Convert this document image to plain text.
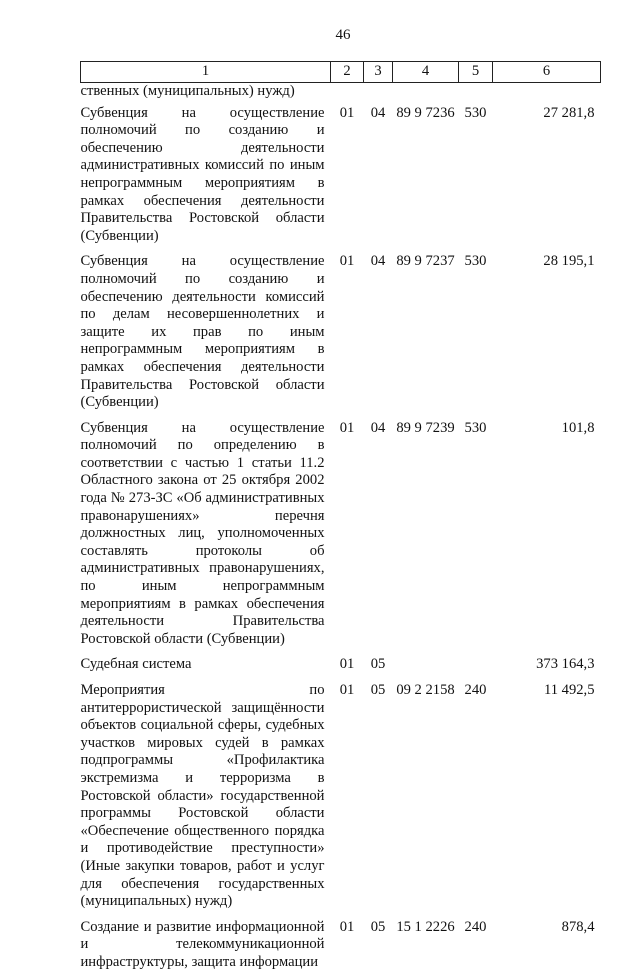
46
1	2	3	4	5	6
ственных (муниципальных) нужд)					
Субвенция на осуществление полномочий по созданию и обеспечению деятельности административных комиссий по иным непрограммным мероприятиям в рамках обеспечения деятельности Правительства Ростовской области (Субвенции)	01	04	89 9 7236	530	27 281,8
Субвенция на осуществление полномочий по созданию и обеспечению деятельности комиссий по делам несовершеннолетних и защите их прав по иным непрограммным мероприятиям в рамках обеспечения деятельности Правительства Ростовской области (Субвенции)	01	04	89 9 7237	530	28 195,1
Субвенция на осуществление полномочий по определению в соответствии с частью 1 статьи 11.2 Областного закона от 25 октября 2002 года № 273-ЗС «Об административных правонарушениях» перечня должностных лиц, уполномоченных составлять протоколы об административных правонарушениях, по иным непрограммным мероприятиям в рамках обеспечения деятельности Правительства Ростовской области (Субвенции)	01	04	89 9 7239	530	101,8
Судебная система	01	05			373 164,3
Мероприятия по антитеррористической защищённости объектов социальной сферы, судебных участков мировых судей в рамках подпрограммы «Профилактика экстремизма и терроризма в Ростовской области» государственной программы Ростовской области «Обеспечение общественного порядка и противодействие преступности» (Иные закупки товаров, работ и услуг для обеспечения государственных (муниципальных) нужд)	01	05	09 2 2158	240	11 492,5
Создание и развитие информационной и телекоммуникационной инфраструктуры, защита информации	01	05	15 1 2226	240	878,4
